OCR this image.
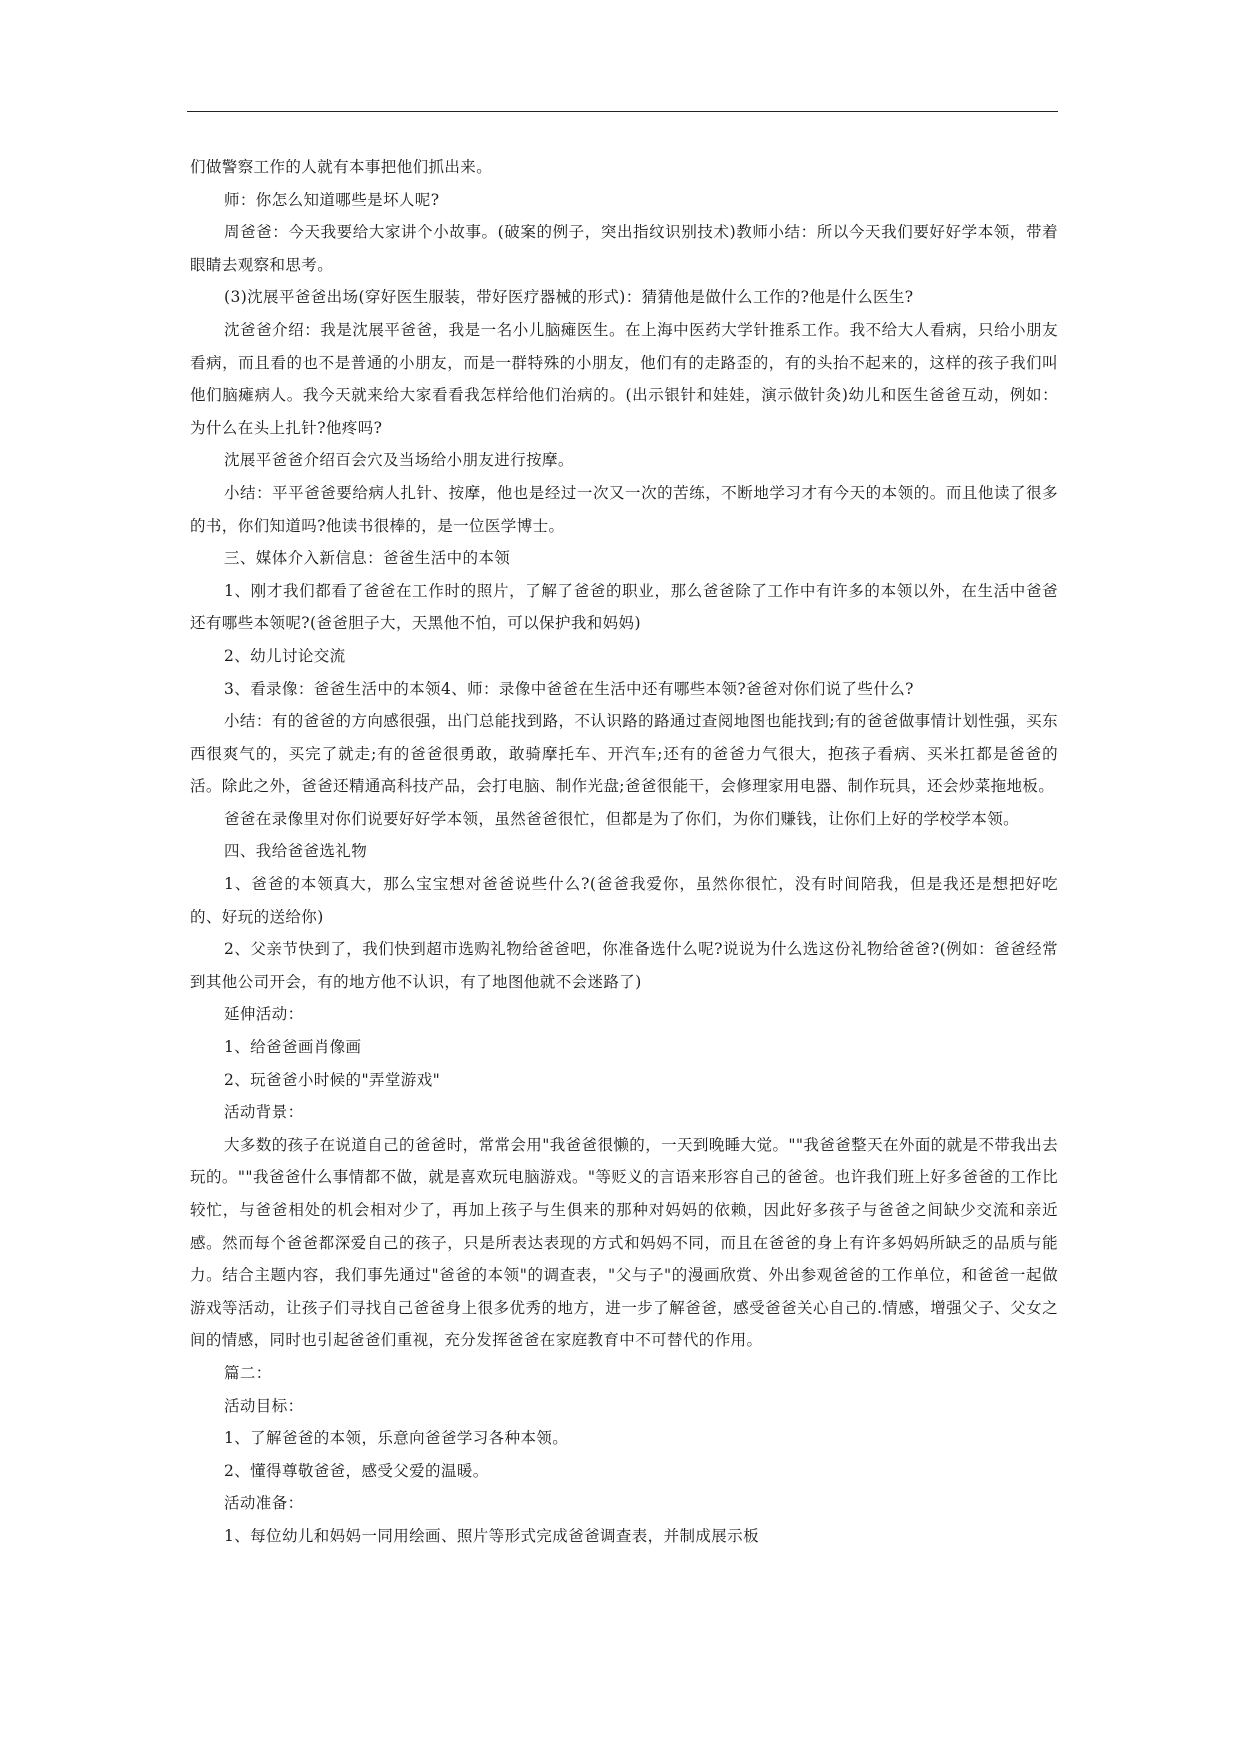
们做警察工作的人就有本事把他们抓出来。

师：你怎么知道哪些是坏人呢?

周爸爸：今天我要给大家讲个小故事。(破案的例子，突出指纹识别技术)教师小结：所以今天我们要好好学本领，带着眼睛去观察和思考。

(3)沈展平爸爸出场(穿好医生服装，带好医疗器械的形式)：猜猜他是做什么工作的?他是什么医生?

沈爸爸介绍：我是沈展平爸爸，我是一名小儿脑瘫医生。在上海中医药大学针推系工作。我不给大人看病，只给小朋友看病，而且看的也不是普通的小朋友，而是一群特殊的小朋友，他们有的走路歪的，有的头抬不起来的，这样的孩子我们叫他们脑瘫病人。我今天就来给大家看看我怎样给他们治病的。(出示银针和娃娃，演示做针灸)幼儿和医生爸爸互动，例如：为什么在头上扎针?他疼吗?

沈展平爸爸介绍百会穴及当场给小朋友进行按摩。

小结：平平爸爸要给病人扎针、按摩，他也是经过一次又一次的苦练，不断地学习才有今天的本领的。而且他读了很多的书，你们知道吗?他读书很棒的，是一位医学博士。

三、媒体介入新信息：爸爸生活中的本领

1、刚才我们都看了爸爸在工作时的照片，了解了爸爸的职业，那么爸爸除了工作中有许多的本领以外，在生活中爸爸还有哪些本领呢?(爸爸胆子大，天黑他不怕，可以保护我和妈妈)

2、幼儿讨论交流

3、看录像：爸爸生活中的本领4、师：录像中爸爸在生活中还有哪些本领?爸爸对你们说了些什么?

小结：有的爸爸的方向感很强，出门总能找到路，不认识路的路通过查阅地图也能找到;有的爸爸做事情计划性强，买东西很爽气的，买完了就走;有的爸爸很勇敢，敢骑摩托车、开汽车;还有的爸爸力气很大，抱孩子看病、买米扛都是爸爸的活。除此之外，爸爸还精通高科技产品，会打电脑、制作光盘;爸爸很能干，会修理家用电器、制作玩具，还会炒菜拖地板。

爸爸在录像里对你们说要好好学本领，虽然爸爸很忙，但都是为了你们，为你们赚钱，让你们上好的学校学本领。

四、我给爸爸选礼物

1、爸爸的本领真大，那么宝宝想对爸爸说些什么?(爸爸我爱你，虽然你很忙，没有时间陪我，但是我还是想把好吃的、好玩的送给你)

2、父亲节快到了，我们快到超市选购礼物给爸爸吧，你准备选什么呢?说说为什么选这份礼物给爸爸?(例如：爸爸经常到其他公司开会，有的地方他不认识，有了地图他就不会迷路了)

延伸活动：

1、给爸爸画肖像画

2、玩爸爸小时候的"弄堂游戏"

活动背景：

大多数的孩子在说道自己的爸爸时，常常会用"我爸爸很懒的，一天到晚睡大觉。""我爸爸整天在外面的就是不带我出去玩的。""我爸爸什么事情都不做，就是喜欢玩电脑游戏。"等贬义的言语来形容自己的爸爸。也许我们班上好多爸爸的工作比较忙，与爸爸相处的机会相对少了，再加上孩子与生俱来的那种对妈妈的依赖，因此好多孩子与爸爸之间缺少交流和亲近感。然而每个爸爸都深爱自己的孩子，只是所表达表现的方式和妈妈不同，而且在爸爸的身上有许多妈妈所缺乏的品质与能力。结合主题内容，我们事先通过"爸爸的本领"的调查表，"父与子"的漫画欣赏、外出参观爸爸的工作单位，和爸爸一起做游戏等活动，让孩子们寻找自己爸爸身上很多优秀的地方，进一步了解爸爸，感受爸爸关心自己的.情感，增强父子、父女之间的情感，同时也引起爸爸们重视，充分发挥爸爸在家庭教育中不可替代的作用。

篇二：

活动目标：

1、了解爸爸的本领，乐意向爸爸学习各种本领。

2、懂得尊敬爸爸，感受父爱的温暖。

活动准备：

1、每位幼儿和妈妈一同用绘画、照片等形式完成爸爸调查表，并制成展示板
